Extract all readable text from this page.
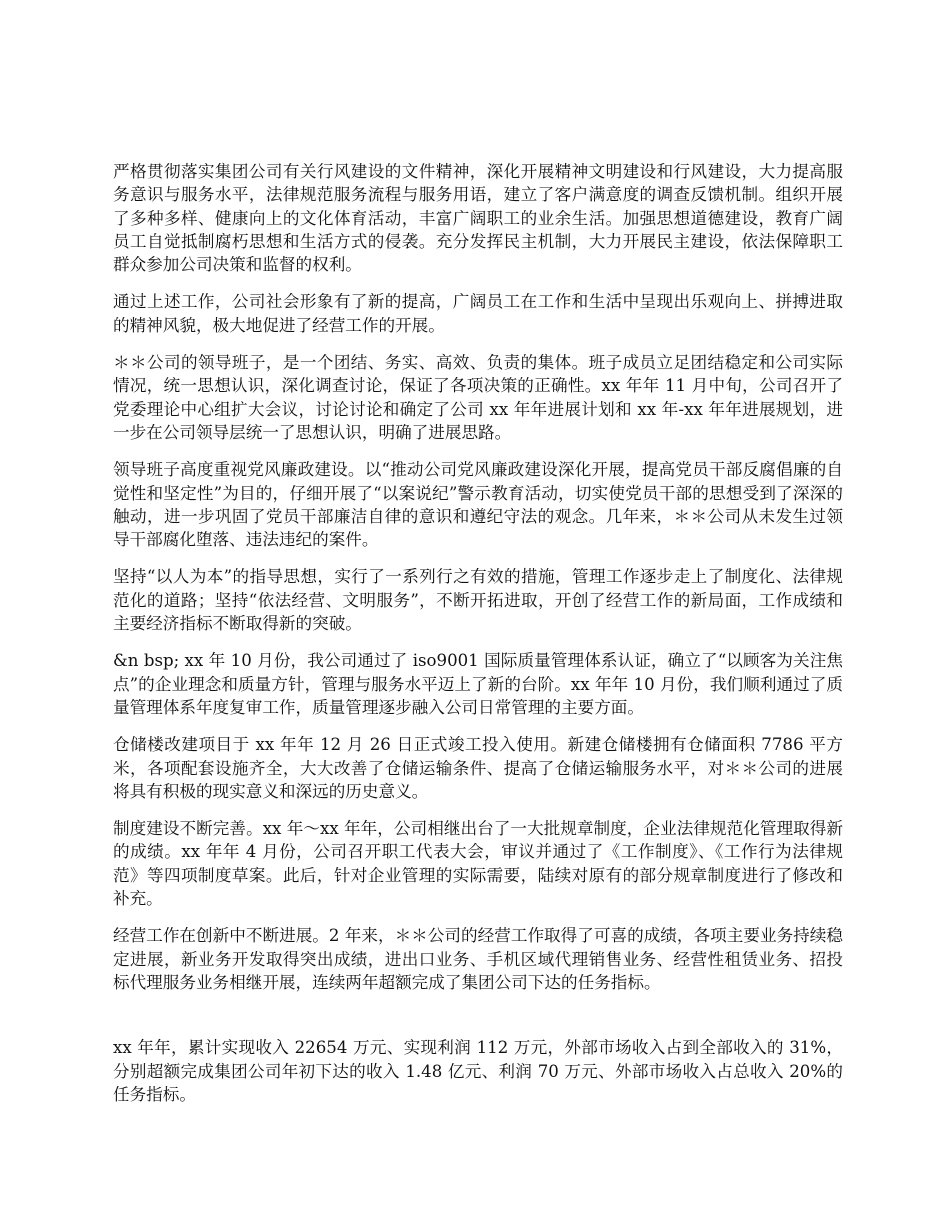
严格贯彻落实集团公司有关行风建设的文件精神，深化开展精神文明建设和行风建设，大力提高服务意识与服务水平，法律规范服务流程与服务用语，建立了客户满意度的调查反馈机制。组织开展了多种多样、健康向上的文化体育活动，丰富广阔职工的业余生活。加强思想道德建设，教育广阔员工自觉抵制腐朽思想和生活方式的侵袭。充分发挥民主机制，大力开展民主建设，依法保障职工群众参加公司决策和监督的权利。

通过上述工作，公司社会形象有了新的提高，广阔员工在工作和生活中呈现出乐观向上、拼搏进取的精神风貌，极大地促进了经营工作的开展。

＊＊公司的领导班子，是一个团结、务实、高效、负责的集体。班子成员立足团结稳定和公司实际情况，统一思想认识，深化调查讨论，保证了各项决策的正确性。xx 年年 11 月中旬，公司召开了党委理论中心组扩大会议，讨论讨论和确定了公司 xx 年年进展计划和 xx 年-xx 年年进展规划，进一步在公司领导层统一了思想认识，明确了进展思路。

领导班子高度重视党风廉政建设。以“推动公司党风廉政建设深化开展，提高党员干部反腐倡廉的自觉性和坚定性”为目的，仔细开展了“以案说纪”警示教育活动，切实使党员干部的思想受到了深深的触动，进一步巩固了党员干部廉洁自律的意识和遵纪守法的观念。几年来，＊＊公司从未发生过领导干部腐化堕落、违法违纪的案件。

坚持“以人为本”的指导思想，实行了一系列行之有效的措施，管理工作逐步走上了制度化、法律规范化的道路；坚持“依法经营、文明服务”，不断开拓进取，开创了经营工作的新局面，工作成绩和主要经济指标不断取得新的突破。

&n bsp; xx 年 10 月份，我公司通过了 iso9001 国际质量管理体系认证，确立了“以顾客为关注焦点”的企业理念和质量方针，管理与服务水平迈上了新的台阶。xx 年年 10 月份，我们顺利通过了质量管理体系年度复审工作，质量管理逐步融入公司日常管理的主要方面。

仓储楼改建项目于 xx 年年 12 月 26 日正式竣工投入使用。新建仓储楼拥有仓储面积 7786 平方米，各项配套设施齐全，大大改善了仓储运输条件、提高了仓储运输服务水平，对＊＊公司的进展将具有积极的现实意义和深远的历史意义。

制度建设不断完善。xx 年～xx 年年，公司相继出台了一大批规章制度，企业法律规范化管理取得新的成绩。xx 年年 4 月份，公司召开职工代表大会，审议并通过了《工作制度》、《工作行为法律规范》等四项制度草案。此后，针对企业管理的实际需要，陆续对原有的部分规章制度进行了修改和补充。

经营工作在创新中不断进展。2 年来，＊＊公司的经营工作取得了可喜的成绩，各项主要业务持续稳定进展，新业务开发取得突出成绩，进出口业务、手机区域代理销售业务、经营性租赁业务、招投标代理服务业务相继开展，连续两年超额完成了集团公司下达的任务指标。

xx 年年，累计实现收入 22654 万元、实现利润 112 万元，外部市场收入占到全部收入的 31%，分别超额完成集团公司年初下达的收入 1.48 亿元、利润 70 万元、外部市场收入占总收入 20%的任务指标。
